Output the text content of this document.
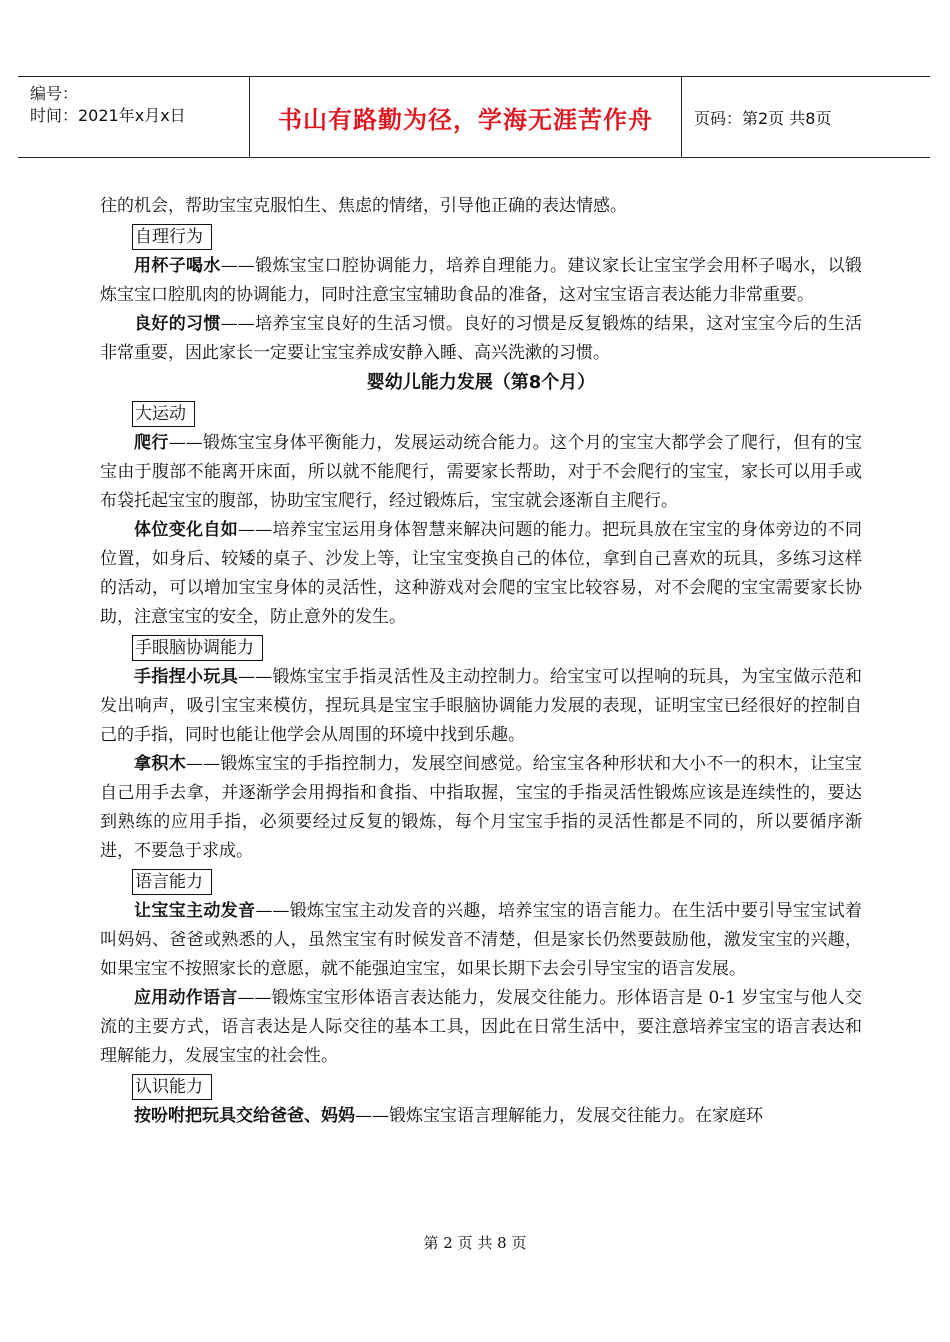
编号：
时间：2021年x月x日	书山有路勤为径，学海无涯苦作舟	页码：第2页 共8页

往的机会，帮助宝宝克服怕生、焦虑的情绪，引导他正确的表达情感。

自理行为

用杯子喝水——锻炼宝宝口腔协调能力，培养自理能力。建议家长让宝宝学会用杯子喝水，以锻炼宝宝口腔肌肉的协调能力，同时注意宝宝辅助食品的准备，这对宝宝语言表达能力非常重要。

良好的习惯——培养宝宝良好的生活习惯。良好的习惯是反复锻炼的结果，这对宝宝今后的生活非常重要，因此家长一定要让宝宝养成安静入睡、高兴洗漱的习惯。

婴幼儿能力发展（第8个月）
大运动

爬行——锻炼宝宝身体平衡能力，发展运动统合能力。这个月的宝宝大都学会了爬行，但有的宝宝由于腹部不能离开床面，所以就不能爬行，需要家长帮助，对于不会爬行的宝宝，家长可以用手或布袋托起宝宝的腹部，协助宝宝爬行，经过锻炼后，宝宝就会逐渐自主爬行。

体位变化自如——培养宝宝运用身体智慧来解决问题的能力。把玩具放在宝宝的身体旁边的不同位置，如身后、较矮的桌子、沙发上等，让宝宝变换自己的体位，拿到自己喜欢的玩具，多练习这样的活动，可以增加宝宝身体的灵活性，这种游戏对会爬的宝宝比较容易，对不会爬的宝宝需要家长协助，注意宝宝的安全，防止意外的发生。

手眼脑协调能力

手指捏小玩具——锻炼宝宝手指灵活性及主动控制力。给宝宝可以捏响的玩具，为宝宝做示范和发出响声，吸引宝宝来模仿，捏玩具是宝宝手眼脑协调能力发展的表现，证明宝宝已经很好的控制自己的手指，同时也能让他学会从周围的环境中找到乐趣。

拿积木——锻炼宝宝的手指控制力，发展空间感觉。给宝宝各种形状和大小不一的积木，让宝宝自己用手去拿，并逐渐学会用拇指和食指、中指取握，宝宝的手指灵活性锻炼应该是连续性的，要达到熟练的应用手指，必须要经过反复的锻炼，每个月宝宝手指的灵活性都是不同的，所以要循序渐进，不要急于求成。

语言能力

让宝宝主动发音——锻炼宝宝主动发音的兴趣，培养宝宝的语言能力。在生活中要引导宝宝试着叫妈妈、爸爸或熟悉的人，虽然宝宝有时候发音不清楚，但是家长仍然要鼓励他，激发宝宝的兴趣，如果宝宝不按照家长的意愿，就不能强迫宝宝，如果长期下去会引导宝宝的语言发展。

应用动作语言——锻炼宝宝形体语言表达能力，发展交往能力。形体语言是 0-1 岁宝宝与他人交流的主要方式，语言表达是人际交往的基本工具，因此在日常生活中，要注意培养宝宝的语言表达和理解能力，发展宝宝的社会性。

认识能力

按吩咐把玩具交给爸爸、妈妈——锻炼宝宝语言理解能力，发展交往能力。在家庭环

第 2 页 共 8 页
